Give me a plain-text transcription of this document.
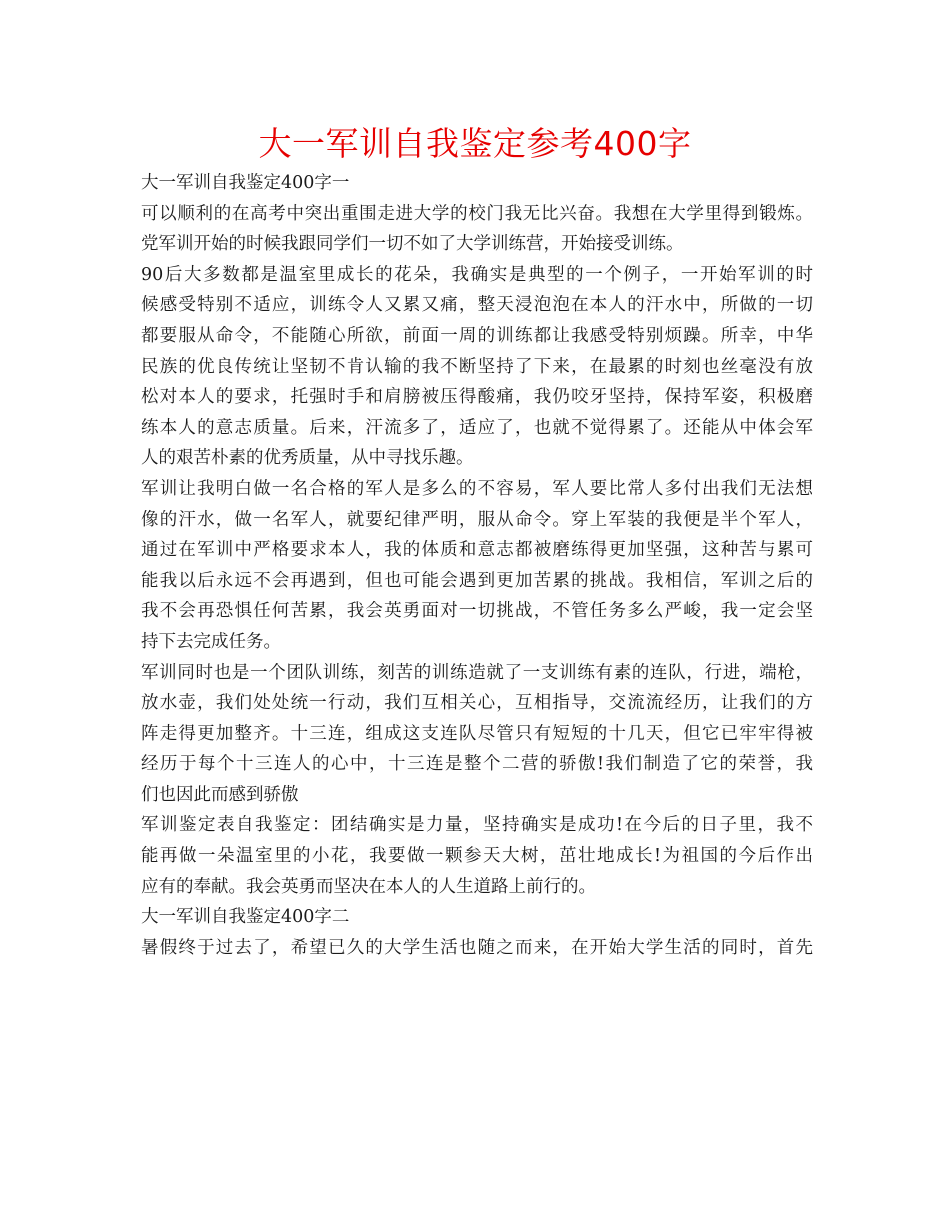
大一军训自我鉴定参考400字
大一军训自我鉴定400字一
可以顺利的在高考中突出重围走进大学的校门我无比兴奋。我想在大学里得到锻炼。
党军训开始的时候我跟同学们一切不如了大学训练营，开始接受训练。
90后大多数都是温室里成长的花朵，我确实是典型的一个例子，一开始军训的时
候感受特别不适应，训练令人又累又痛，整天浸泡泡在本人的汗水中，所做的一切
都要服从命令，不能随心所欲，前面一周的训练都让我感受特别烦躁。所幸，中华
民族的优良传统让坚韧不肯认输的我不断坚持了下来，在最累的时刻也丝毫没有放
松对本人的要求，托强时手和肩膀被压得酸痛，我仍咬牙坚持，保持军姿，积极磨
练本人的意志质量。后来，汗流多了，适应了，也就不觉得累了。还能从中体会军
人的艰苦朴素的优秀质量，从中寻找乐趣。
军训让我明白做一名合格的军人是多么的不容易，军人要比常人多付出我们无法想
像的汗水，做一名军人，就要纪律严明，服从命令。穿上军装的我便是半个军人，
通过在军训中严格要求本人，我的体质和意志都被磨练得更加坚强，这种苦与累可
能我以后永远不会再遇到，但也可能会遇到更加苦累的挑战。我相信，军训之后的
我不会再恐惧任何苦累，我会英勇面对一切挑战，不管任务多么严峻，我一定会坚
持下去完成任务。
军训同时也是一个团队训练，刻苦的训练造就了一支训练有素的连队，行进，端枪，
放水壶，我们处处统一行动，我们互相关心，互相指导，交流流经历，让我们的方
阵走得更加整齐。十三连，组成这支连队尽管只有短短的十几天，但它已牢牢得被
经历于每个十三连人的心中，十三连是整个二营的骄傲!我们制造了它的荣誉，我
们也因此而感到骄傲
军训鉴定表自我鉴定：团结确实是力量，坚持确实是成功!在今后的日子里，我不
能再做一朵温室里的小花，我要做一颗参天大树，茁壮地成长!为祖国的今后作出
应有的奉献。我会英勇而坚决在本人的人生道路上前行的。
大一军训自我鉴定400字二
暑假终于过去了，希望已久的大学生活也随之而来，在开始大学生活的同时，首先
